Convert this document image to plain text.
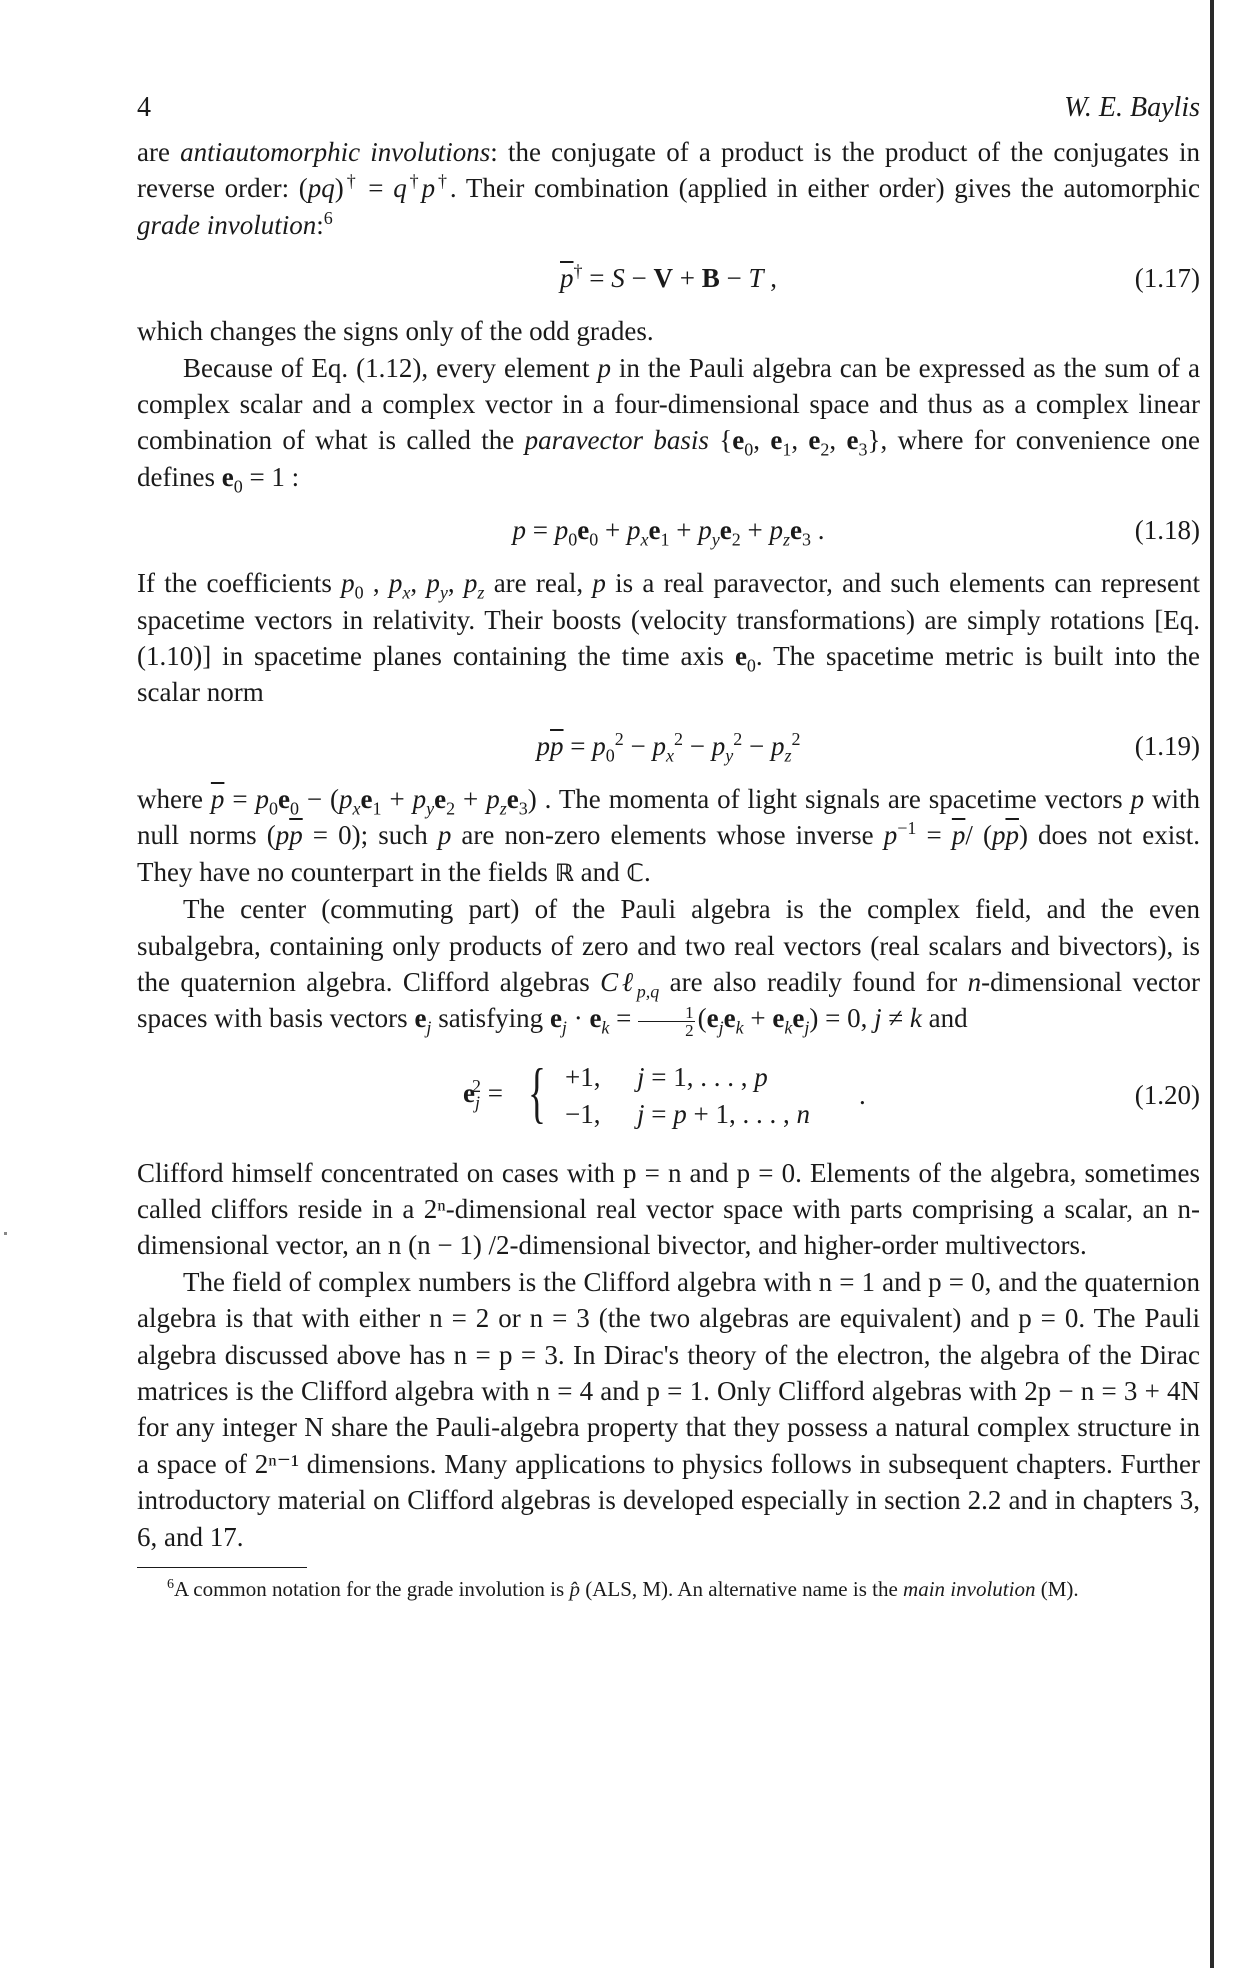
4	W. E. Baylis

are antiautomorphic involutions: the conjugate of a product is the product of the conjugates in reverse order: (pq)† = q†p†. Their combination (applied in either order) gives the automorphic grade involution:$^6$

$\overline{p}^\dagger = S - V + B - T$ ,	(1.17)

which changes the signs only of the odd grades.

Because of Eq. (1.12), every element p in the Pauli algebra can be expressed as the sum of a complex scalar and a complex vector in a four-dimensional space and thus as a complex linear combination of what is called the paravector basis {$e_0$, $e_1$, $e_2$, $e_3$}, where for convenience one defines $e_0 = 1$ :

$p = p_0e_0 + p_xe_1 + p_ye_2 + p_ze_3$ .	(1.18)

If the coefficients $p_0$ , $p_x$, $p_y$, $p_z$ are real, p is a real paravector, and such elements can represent spacetime vectors in relativity. Their boosts (velocity transformations) are simply rotations [Eq. (1.10)] in spacetime planes containing the time axis $e_0$. The spacetime metric is built into the scalar norm

$p\overline{p} = p_0^2 - p_x^2 - p_y^2 - p_z^2$	(1.19)

where $\overline{p} = p_0e_0 - (p_xe_1 + p_ye_2 + p_ze_3)$ . The momenta of light signals are spacetime vectors p with null norms $(p\overline{p} = 0)$; such p are non-zero elements whose inverse $p^{-1} = \overline{p}/$ $(p\overline{p})$ does not exist. They have no counterpart in the fields ℝ and ℂ.

The center (commuting part) of the Pauli algebra is the complex field, and the even subalgebra, containing only products of zero and two real vectors (real scalars and bivectors), is the quaternion algebra. Clifford algebras Cℓ$_{p,q}$ are also readily found for n-dimensional vector spaces with basis vectors $e_j$ satisfying $e_j \cdot e_k = \frac{1}{2} (e_je_k + e_ke_j) = 0$, j ≠ k and

$e_j^2$ = { +1, j = 1, . . . , p
−1, j = p + 1, . . . , n
.	(1.20)

Clifford himself concentrated on cases with p = n and p = 0. Elements of the algebra, sometimes called cliffors reside in a 2ⁿ-dimensional real vector space with parts comprising a scalar, an n-dimensional vector, an n (n − 1) /2-dimensional bivector, and higher-order multivectors.

The field of complex numbers is the Clifford algebra with n = 1 and p = 0, and the quaternion algebra is that with either n = 2 or n = 3 (the two algebras are equivalent) and p = 0. The Pauli algebra discussed above has n = p = 3. In Dirac's theory of the electron, the algebra of the Dirac matrices is the Clifford algebra with n = 4 and p = 1. Only Clifford algebras with 2p − n = 3 + 4N for any integer N share the Pauli-algebra property that they possess a natural complex structure in a space of 2ⁿ⁻¹ dimensions. Many applications to physics follows in subsequent chapters. Further introductory material on Clifford algebras is developed especially in section 2.2 and in chapters 3, 6, and 17.

$^6$A common notation for the grade involution is p̂ (ALS, M). An alternative name is the main involution (M).
